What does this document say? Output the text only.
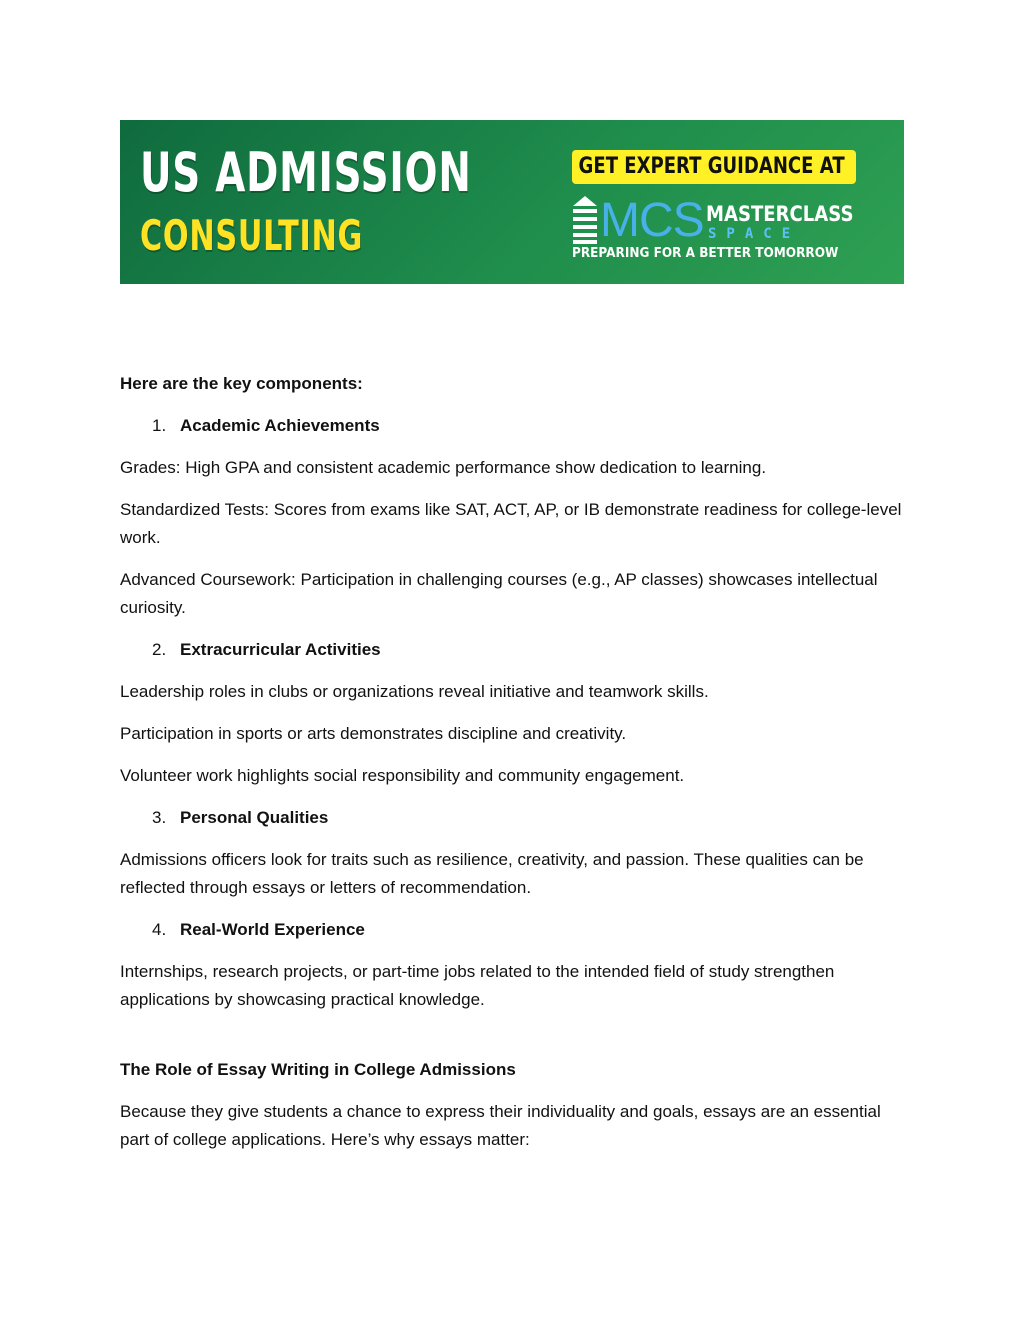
US ADMISSION
CONSULTING
GET EXPERT GUIDANCE AT

MCS MASTERCLASS

SPACE

PREPARING FOR A BETTER TOMORROW

Here are the key components:

1. Academic Achievements

Grades: High GPA and consistent academic performance show dedication to learning.

Standardized Tests: Scores from exams like SAT, ACT, AP, or IB demonstrate readiness for college-level work.

Advanced Coursework: Participation in challenging courses (e.g., AP classes) showcases intellectual curiosity.

2. Extracurricular Activities

Leadership roles in clubs or organizations reveal initiative and teamwork skills.

Participation in sports or arts demonstrates discipline and creativity.

Volunteer work highlights social responsibility and community engagement.

3. Personal Qualities

Admissions officers look for traits such as resilience, creativity, and passion. These qualities can be reflected through essays or letters of recommendation.

4. Real-World Experience

Internships, research projects, or part-time jobs related to the intended field of study strengthen applications by showcasing practical knowledge.

The Role of Essay Writing in College Admissions

Because they give students a chance to express their individuality and goals, essays are an essential part of college applications. Here’s why essays matter:
